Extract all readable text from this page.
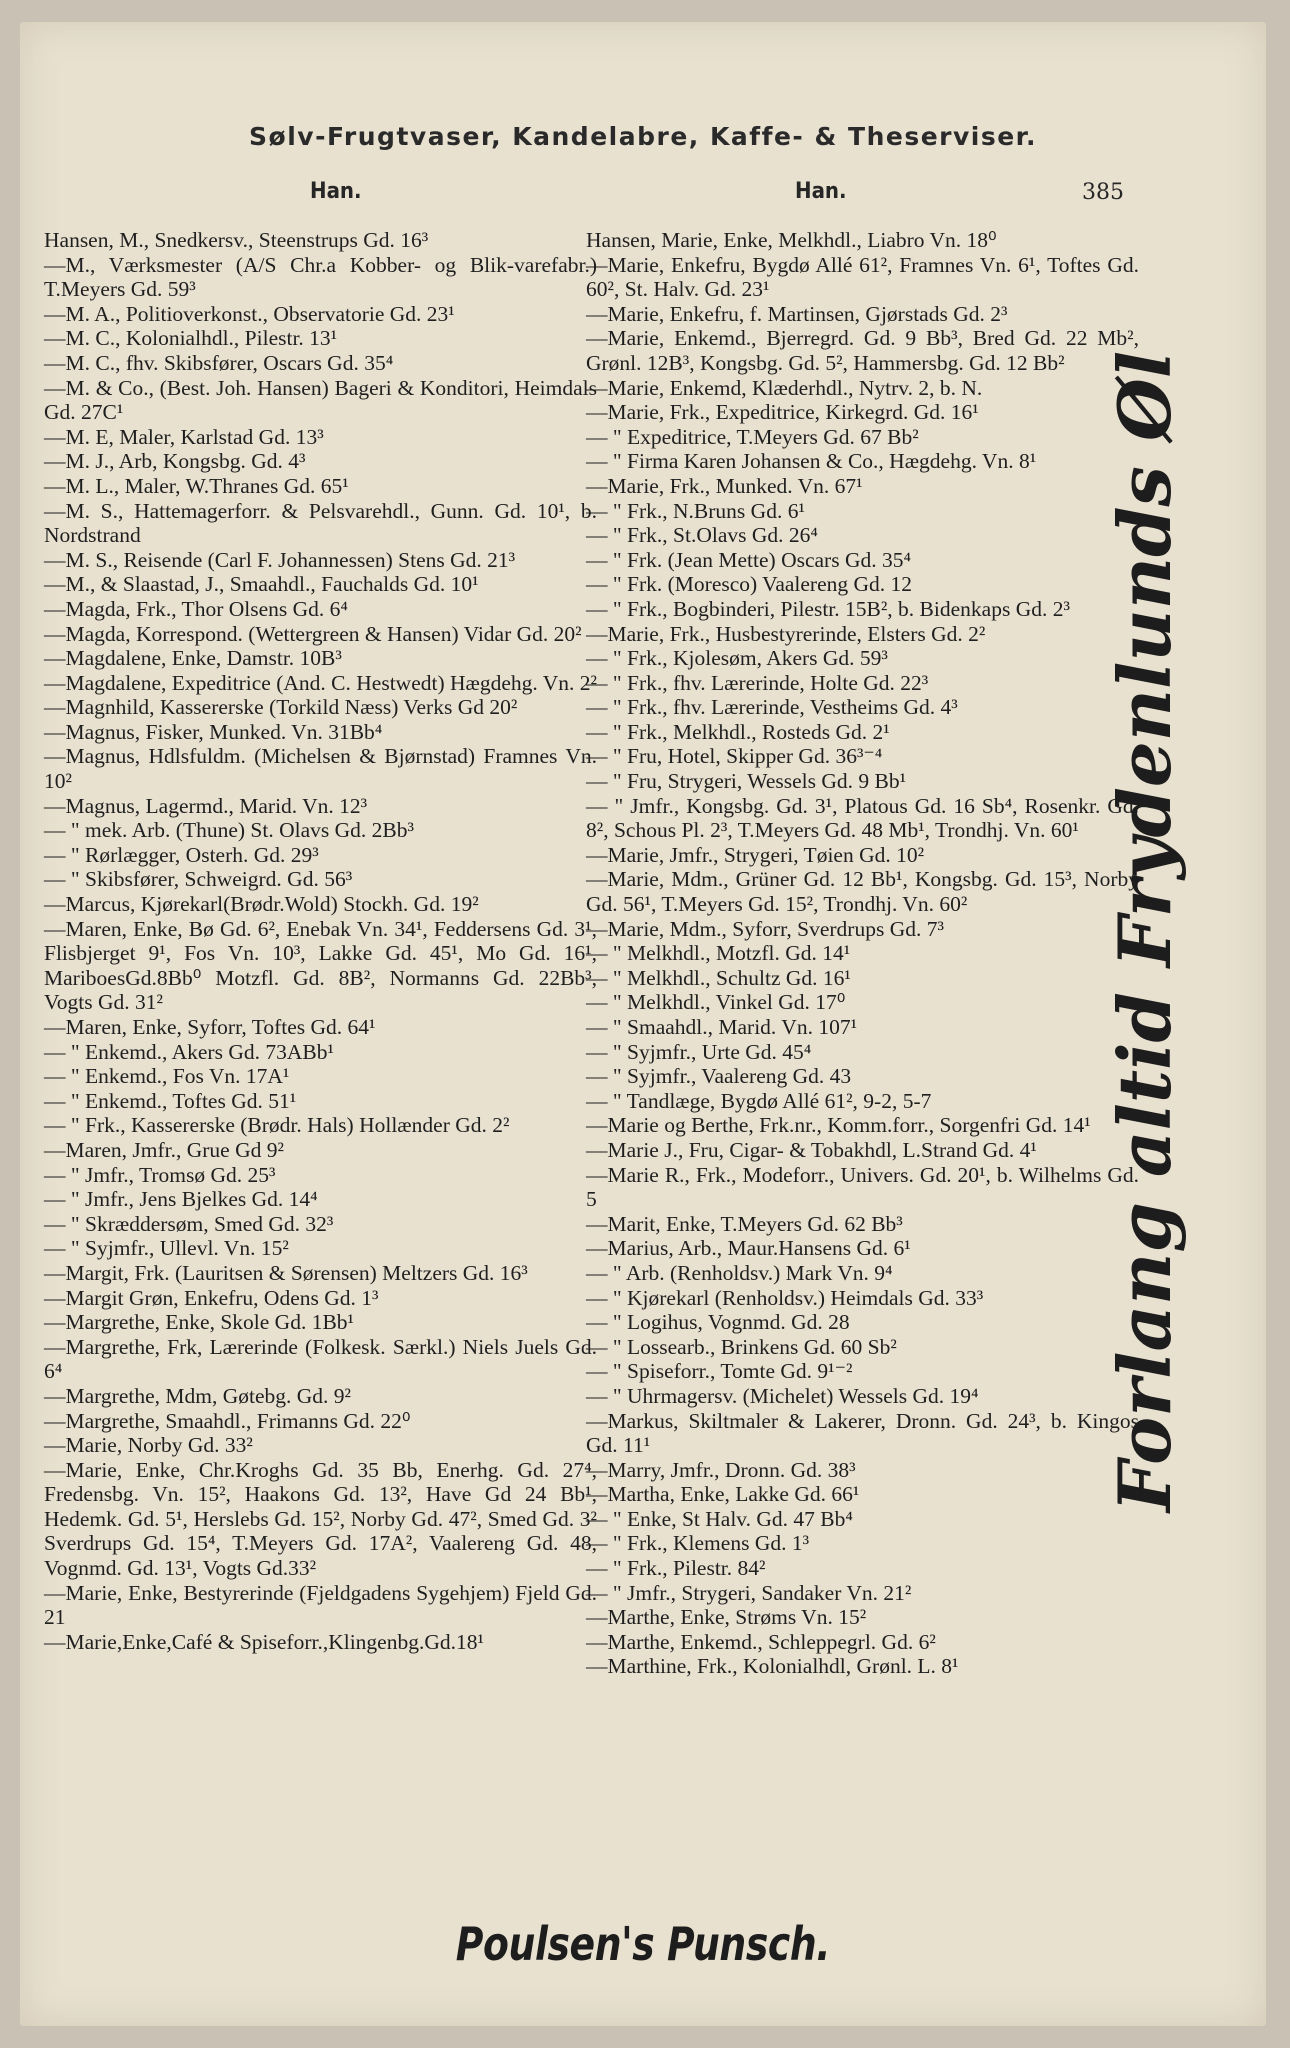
Sølv-Frugtvaser, Kandelabre, Kaffe- & Theserviser.
Han.	Han.	385
Hansen, M., Snedkersv., Steenstrups Gd. 16³
—M., Værksmester (A/S Chr.a Kobber- og Blik-varefabr.) T.Meyers Gd. 59³
—M. A., Politioverkonst., Observatorie Gd. 23¹
—M. C., Kolonialhdl., Pilestr. 13¹
—M. C., fhv. Skibsfører, Oscars Gd. 35⁴
—M. & Co., (Best. Joh. Hansen) Bageri & Konditori, Heimdals Gd. 27C¹
—M. E, Maler, Karlstad Gd. 13³
—M. J., Arb, Kongsbg. Gd. 4³
—M. L., Maler, W.Thranes Gd. 65¹
—M. S., Hattemagerforr. & Pelsvarehdl., Gunn. Gd. 10¹, b. Nordstrand
—M. S., Reisende (Carl F. Johannessen) Stens Gd. 21³
—M., & Slaastad, J., Smaahdl., Fauchalds Gd. 10¹
—Magda, Frk., Thor Olsens Gd. 6⁴
—Magda, Korrespond. (Wettergreen & Hansen) Vidar Gd. 20²
—Magdalene, Enke, Damstr. 10B³
—Magdalene, Expeditrice (And. C. Hestwedt) Hægdehg. Vn. 2²
—Magnhild, Kassererske (Torkild Næss) Verks Gd 20²
—Magnus, Fisker, Munked. Vn. 31Bb⁴
—Magnus, Hdlsfuldm. (Michelsen & Bjørnstad) Framnes Vn. 10²
—Magnus, Lagermd., Marid. Vn. 12³
— " mek. Arb. (Thune) St. Olavs Gd. 2Bb³
— " Rørlægger, Osterh. Gd. 29³
— " Skibsfører, Schweigrd. Gd. 56³
—Marcus, Kjørekarl(Brødr.Wold) Stockh. Gd. 19²
—Maren, Enke, Bø Gd. 6², Enebak Vn. 34¹, Feddersens Gd. 3¹, Flisbjerget 9¹, Fos Vn. 10³, Lakke Gd. 45¹, Mo Gd. 16¹, MariboesGd.8Bb⁰ Motzfl. Gd. 8B², Normanns Gd. 22Bb³, Vogts Gd. 31²
—Maren, Enke, Syforr, Toftes Gd. 64¹
— " Enkemd., Akers Gd. 73ABb¹
— " Enkemd., Fos Vn. 17A¹
— " Enkemd., Toftes Gd. 51¹
— " Frk., Kassererske (Brødr. Hals) Hollænder Gd. 2²
—Maren, Jmfr., Grue Gd 9²
— " Jmfr., Tromsø Gd. 25³
— " Jmfr., Jens Bjelkes Gd. 14⁴
— " Skræddersøm, Smed Gd. 32³
— " Syjmfr., Ullevl. Vn. 15²
—Margit, Frk. (Lauritsen & Sørensen) Meltzers Gd. 16³
—Margit Grøn, Enkefru, Odens Gd. 1³
—Margrethe, Enke, Skole Gd. 1Bb¹
—Margrethe, Frk, Lærerinde (Folkesk. Særkl.) Niels Juels Gd. 6⁴
—Margrethe, Mdm, Gøtebg. Gd. 9²
—Margrethe, Smaahdl., Frimanns Gd. 22⁰
—Marie, Norby Gd. 33²
—Marie, Enke, Chr.Kroghs Gd. 35 Bb, Enerhg. Gd. 27⁴, Fredensbg. Vn. 15², Haakons Gd. 13², Have Gd 24 Bb¹, Hedemk. Gd. 5¹, Herslebs Gd. 15², Norby Gd. 47², Smed Gd. 3² Sverdrups Gd. 15⁴, T.Meyers Gd. 17A², Vaalereng Gd. 48, Vognmd. Gd. 13¹, Vogts Gd.33²
—Marie, Enke, Bestyrerinde (Fjeldgadens Sygehjem) Fjeld Gd. 21
—Marie,Enke,Café & Spiseforr.,Klingenbg.Gd.18¹
Hansen, Marie, Enke, Melkhdl., Liabro Vn. 18⁰
—Marie, Enkefru, Bygdø Allé 61², Framnes Vn. 6¹, Toftes Gd. 60², St. Halv. Gd. 23¹
—Marie, Enkefru, f. Martinsen, Gjørstads Gd. 2³
—Marie, Enkemd., Bjerregrd. Gd. 9 Bb³, Bred Gd. 22 Mb², Grønl. 12B³, Kongsbg. Gd. 5², Hammersbg. Gd. 12 Bb²
—Marie, Enkemd, Klæderhdl., Nytrv. 2, b. N.
—Marie, Frk., Expeditrice, Kirkegrd. Gd. 16¹
— " Expeditrice, T.Meyers Gd. 67 Bb²
— " Firma Karen Johansen & Co., Hægdehg. Vn. 8¹
—Marie, Frk., Munked. Vn. 67¹
— " Frk., N.Bruns Gd. 6¹
— " Frk., St.Olavs Gd. 26⁴
— " Frk. (Jean Mette) Oscars Gd. 35⁴
— " Frk. (Moresco) Vaalereng Gd. 12
— " Frk., Bogbinderi, Pilestr. 15B², b. Bidenkaps Gd. 2³
—Marie, Frk., Husbestyrerinde, Elsters Gd. 2²
— " Frk., Kjolesøm, Akers Gd. 59³
— " Frk., fhv. Lærerinde, Holte Gd. 22³
— " Frk., fhv. Lærerinde, Vestheims Gd. 4³
— " Frk., Melkhdl., Rosteds Gd. 2¹
— " Fru, Hotel, Skipper Gd. 36³⁻⁴
— " Fru, Strygeri, Wessels Gd. 9 Bb¹
— " Jmfr., Kongsbg. Gd. 3¹, Platous Gd. 16 Sb⁴, Rosenkr. Gd. 8², Schous Pl. 2³, T.Meyers Gd. 48 Mb¹, Trondhj. Vn. 60¹
—Marie, Jmfr., Strygeri, Tøien Gd. 10²
—Marie, Mdm., Grüner Gd. 12 Bb¹, Kongsbg. Gd. 15³, Norby Gd. 56¹, T.Meyers Gd. 15², Trondhj. Vn. 60²
—Marie, Mdm., Syforr, Sverdrups Gd. 7³
— " Melkhdl., Motzfl. Gd. 14¹
— " Melkhdl., Schultz Gd. 16¹
— " Melkhdl., Vinkel Gd. 17⁰
— " Smaahdl., Marid. Vn. 107¹
— " Syjmfr., Urte Gd. 45⁴
— " Syjmfr., Vaalereng Gd. 43
— " Tandlæge, Bygdø Allé 61², 9-2, 5-7
—Marie og Berthe, Frk.nr., Komm.forr., Sorgenfri Gd. 14¹
—Marie J., Fru, Cigar- & Tobakhdl, L.Strand Gd. 4¹
—Marie R., Frk., Modeforr., Univers. Gd. 20¹, b. Wilhelms Gd. 5
—Marit, Enke, T.Meyers Gd. 62 Bb³
—Marius, Arb., Maur.Hansens Gd. 6¹
— " Arb. (Renholdsv.) Mark Vn. 9⁴
— " Kjørekarl (Renholdsv.) Heimdals Gd. 33³
— " Logihus, Vognmd. Gd. 28
— " Lossearb., Brinkens Gd. 60 Sb²
— " Spiseforr., Tomte Gd. 9¹⁻²
— " Uhrmagersv. (Michelet) Wessels Gd. 19⁴
—Markus, Skiltmaler & Lakerer, Dronn. Gd. 24³, b. Kingos Gd. 11¹
—Marry, Jmfr., Dronn. Gd. 38³
—Martha, Enke, Lakke Gd. 66¹
— " Enke, St Halv. Gd. 47 Bb⁴
— " Frk., Klemens Gd. 1³
— " Frk., Pilestr. 84²
— " Jmfr., Strygeri, Sandaker Vn. 21²
—Marthe, Enke, Strøms Vn. 15²
—Marthe, Enkemd., Schleppegrl. Gd. 6²
—Marthine, Frk., Kolonialhdl, Grønl. L. 8¹
Forlang altid Frydenlunds Øl
Poulsen's Punsch.
